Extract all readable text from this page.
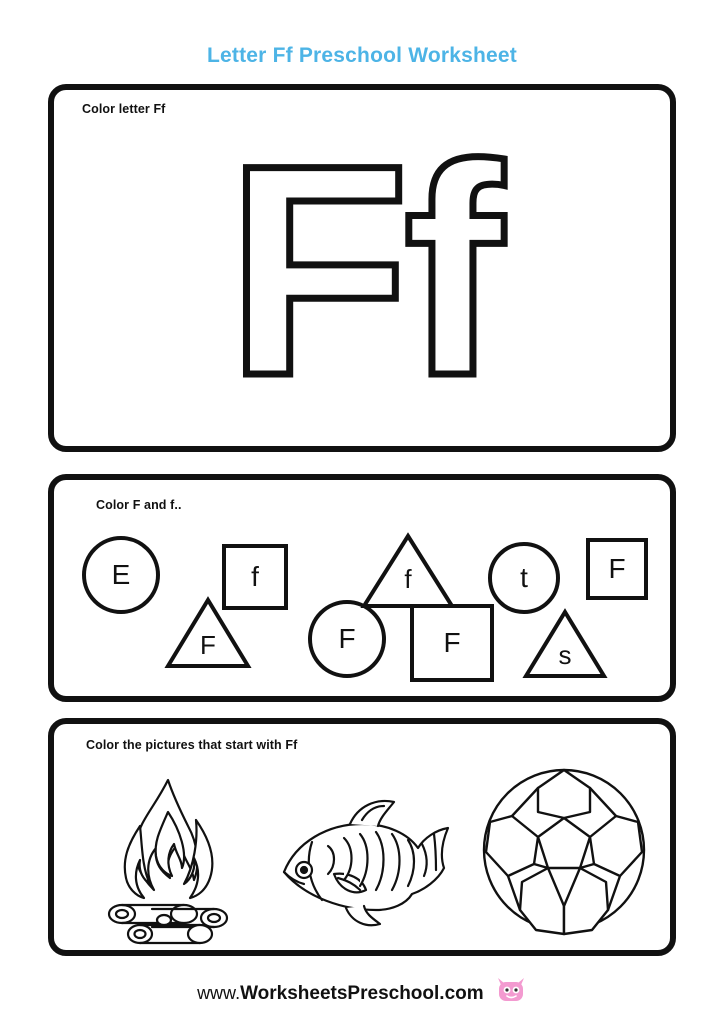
Letter Ff Preschool Worksheet
Color letter Ff Ff
Color F and f..
E
F
f	f
F	F
t
s
F
Color the pictures that start with Ff
www.WorksheetsPreschool.com
